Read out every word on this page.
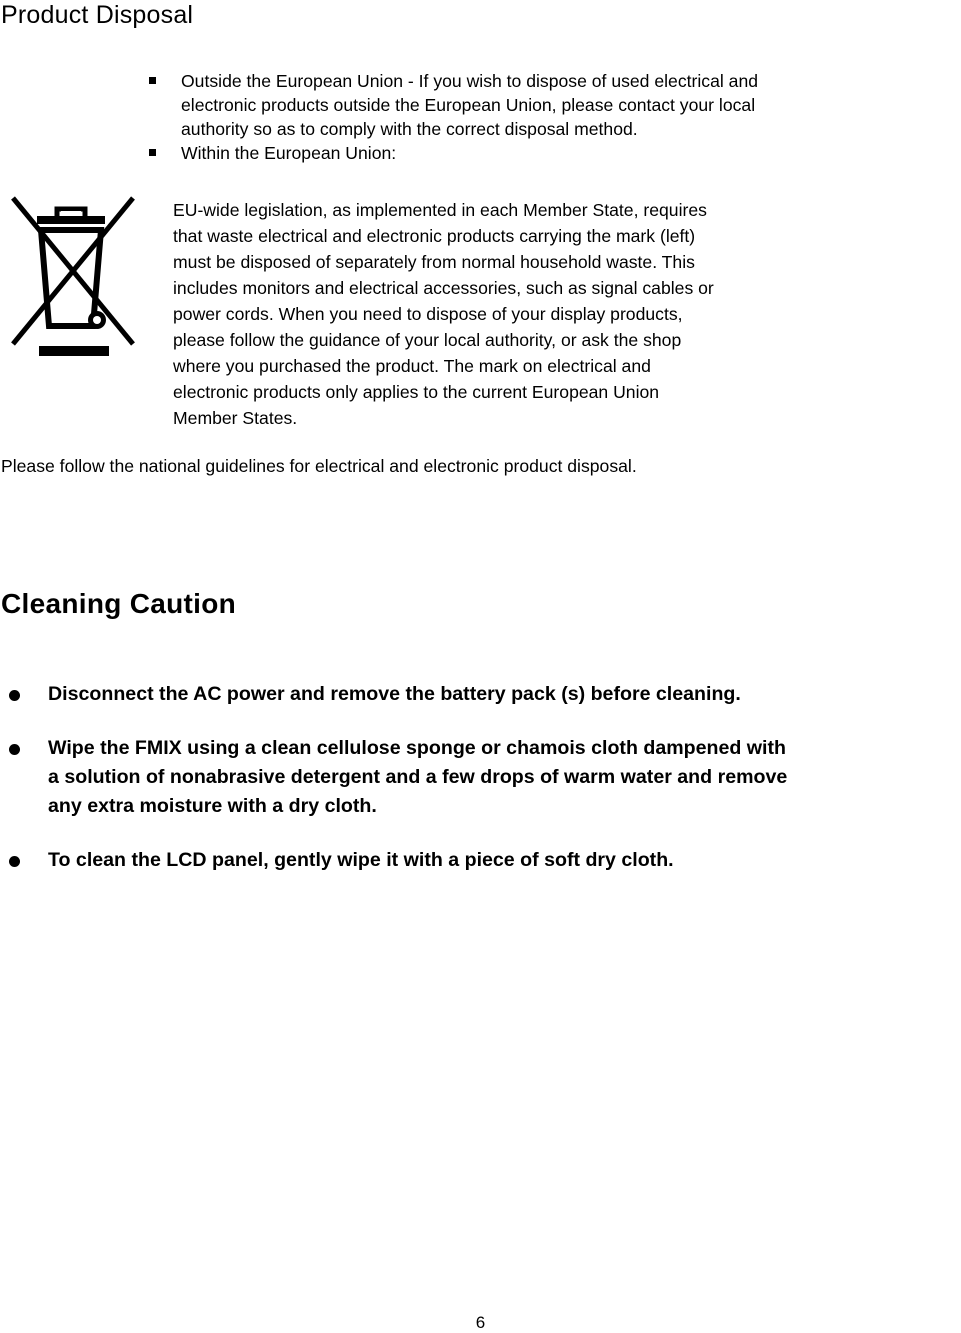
Product Disposal
Outside the European Union - If you wish to dispose of used electrical and
electronic products outside the European Union, please contact your local
authority so as to comply with the correct disposal method.
Within the European Union:
EU-wide legislation, as implemented in each Member State, requires
that waste electrical and electronic products carrying the mark (left)
must be disposed of separately from normal household waste. This
includes monitors and electrical accessories, such as signal cables or
power cords. When you need to dispose of your display products,
please follow the guidance of your local authority, or ask the shop
where you purchased the product. The mark on electrical and
electronic products only applies to the current European Union
Member States.

Please follow the national guidelines for electrical and electronic product disposal.

Cleaning Caution
Disconnect the AC power and remove the battery pack (s) before cleaning.
Wipe the FMIX using a clean cellulose sponge or chamois cloth dampened with
a solution of nonabrasive detergent and a few drops of warm water and remove
any extra moisture with a dry cloth.
To clean the LCD panel, gently wipe it with a piece of soft dry cloth.
6
